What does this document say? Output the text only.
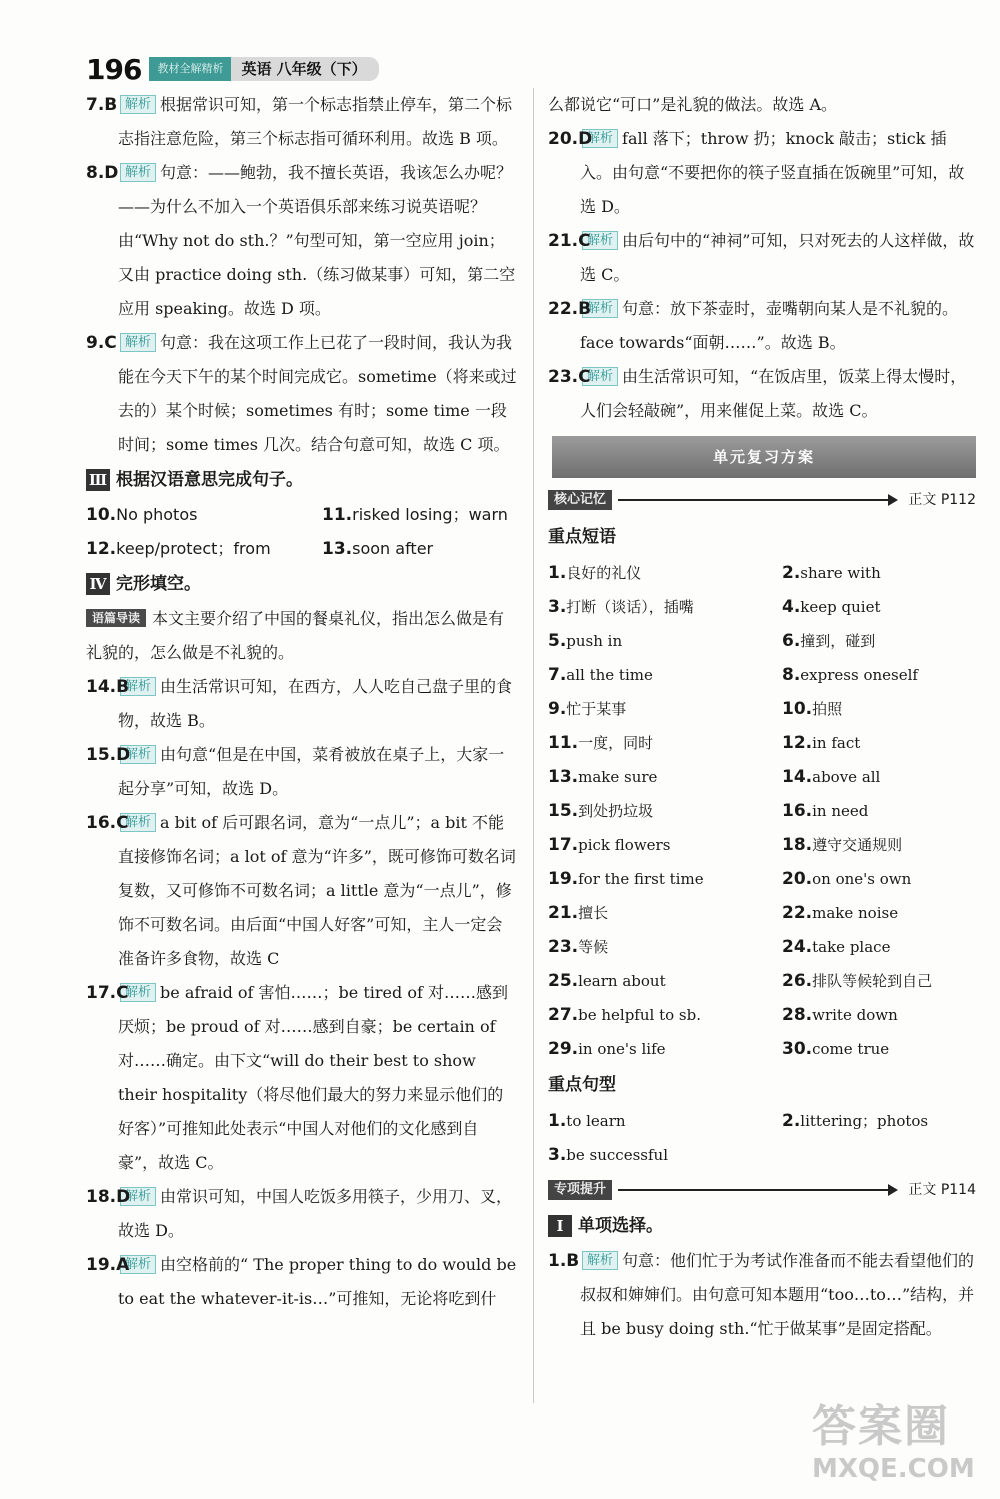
196	教材全解精析	英语 八年级（下）
7.B 解析 根据常识可知，第一个标志指禁止停车，第二个标志指注意危险，第三个标志指可循环利用。故选 B 项。
8.D 解析 句意：——鲍勃，我不擅长英语，我该怎么办呢？——为什么不加入一个英语俱乐部来练习说英语呢？由“Why not do sth.？”句型可知，第一空应用 join；又由 practice doing sth.（练习做某事）可知，第二空应用 speaking。故选 D 项。
9.C 解析 句意：我在这项工作上已花了一段时间，我认为我能在今天下午的某个时间完成它。sometime（将来或过去的）某个时候；sometimes 有时；some time 一段时间；some times 几次。结合句意可知，故选 C 项。
Ⅲ 根据汉语意思完成句子。
10.No photos	11.risked losing；warn
12.keep/protect；from	13.soon after
Ⅳ 完形填空。
语篇导读 本文主要介绍了中国的餐桌礼仪，指出怎么做是有礼貌的，怎么做是不礼貌的。
14.B
解析 由生活常识可知，在西方，人人吃自己盘子里的食物，故选 B。
15.D
解析 由句意“但是在中国，菜肴被放在桌子上，大家一起分享”可知，故选 D。
16.C
解析 a bit of 后可跟名词，意为“一点儿”；a bit 不能直接修饰名词；a lot of 意为“许多”，既可修饰可数名词复数，又可修饰不可数名词；a little 意为“一点儿”，修饰不可数名词。由后面“中国人好客”可知，主人一定会准备许多食物，故选 C
17.C
解析 be afraid of 害怕……；be tired of 对……感到厌烦；be proud of 对……感到自豪；be certain of 对……确定。由下文“will do their best to show their hospitality（将尽他们最大的努力来显示他们的好客）”可推知此处表示“中国人对他们的文化感到自豪”，故选 C。
18.D
解析 由常识可知，中国人吃饭多用筷子，少用刀、叉，故选 D。
19.A
解析 由空格前的“ The proper thing to do would be to eat the whatever-it-is…”可推知，无论将吃到什
么都说它“可口”是礼貌的做法。故选 A。
20.D
解析 fall 落下；throw 扔；knock 敲击；stick 插入。由句意“不要把你的筷子竖直插在饭碗里”可知，故选 D。
21.C
解析 由后句中的“神祠”可知，只对死去的人这样做，故选 C。
22.B
解析 句意：放下茶壶时，壶嘴朝向某人是不礼貌的。face towards“面朝……”。故选 B。
23.C
解析 由生活常识可知，“在饭店里，饭菜上得太慢时，人们会轻敲碗”，用来催促上菜。故选 C。
单元复习方案
核心记忆	正文 P112
重点短语
1.良好的礼仪	2.share with
3.打断（谈话），插嘴	4.keep quiet
5.push in	6.撞到，碰到
7.all the time	8.express oneself
9.忙于某事	10.拍照
11.一度，同时	12.in fact
13.make sure	14.above all
15.到处扔垃圾	16.in need
17.pick flowers	18.遵守交通规则
19.for the first time	20.on one's own
21.擅长	22.make noise
23.等候	24.take place
25.learn about	26.排队等候轮到自己
27.be helpful to sb.	28.write down
29.in one's life	30.come true
重点句型
1.to learn	2.littering；photos
3.be successful
专项提升	正文 P114
Ⅰ 单项选择。
1.B 解析 句意：他们忙于为考试作准备而不能去看望他们的叔叔和婶婶们。由句意可知本题用“too…to…”结构，并且 be busy doing sth.“忙于做某事”是固定搭配。
答案圈
MXQE.COM
